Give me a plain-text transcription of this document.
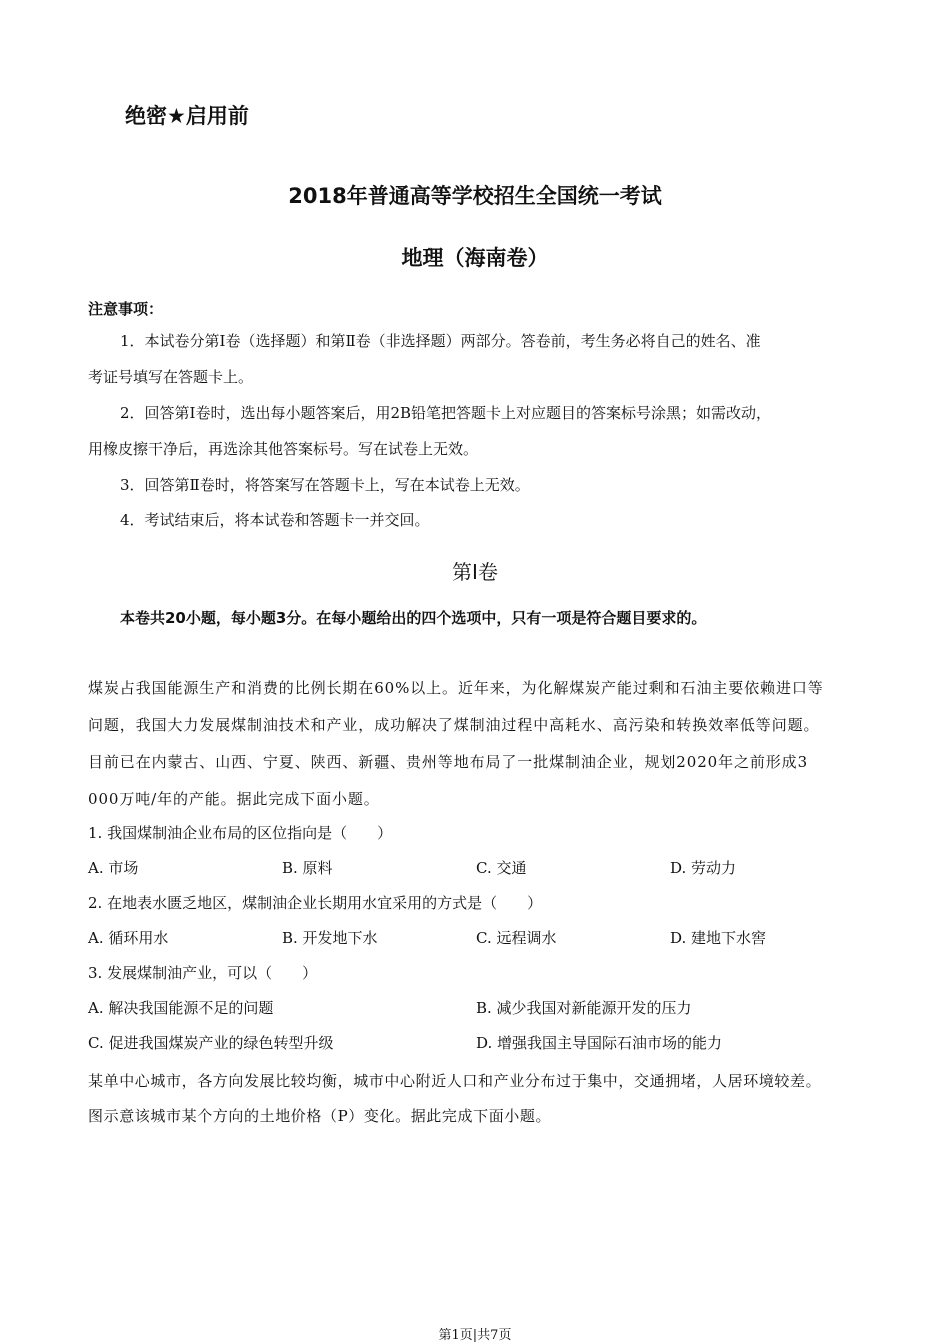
绝密★启用前
2018年普通高等学校招生全国统一考试
地理（海南卷）
注意事项：
1．本试卷分第Ⅰ卷（选择题）和第Ⅱ卷（非选择题）两部分。答卷前，考生务必将自己的姓名、准
考证号填写在答题卡上。
2．回答第Ⅰ卷时，选出每小题答案后，用2B铅笔把答题卡上对应题目的答案标号涂黑；如需改动，
用橡皮擦干净后，再选涂其他答案标号。写在试卷上无效。
3．回答第Ⅱ卷时，将答案写在答题卡上，写在本试卷上无效。
4．考试结束后，将本试卷和答题卡一并交回。
第Ⅰ卷
本卷共20小题，每小题3分。在每小题给出的四个选项中，只有一项是符合题目要求的。
煤炭占我国能源生产和消费的比例长期在60%以上。近年来，为化解煤炭产能过剩和石油主要依赖进口等
问题，我国大力发展煤制油技术和产业，成功解决了煤制油过程中高耗水、高污染和转换效率低等问题。
目前已在内蒙古、山西、宁夏、陕西、新疆、贵州等地布局了一批煤制油企业，规划2020年之前形成3
000万吨/年的产能。据此完成下面小题。
1. 我国煤制油企业布局的区位指向是（　　）
A. 市场	B. 原料	C. 交通	D. 劳动力
2. 在地表水匮乏地区，煤制油企业长期用水宜采用的方式是（　　）
A. 循环用水	B. 开发地下水	C. 远程调水	D. 建地下水窖
3. 发展煤制油产业，可以（　　）
A. 解决我国能源不足的问题	B. 减少我国对新能源开发的压力
C. 促进我国煤炭产业的绿色转型升级	D. 增强我国主导国际石油市场的能力
某单中心城市，各方向发展比较均衡，城市中心附近人口和产业分布过于集中，交通拥堵，人居环境较差。
图示意该城市某个方向的土地价格（P）变化。据此完成下面小题。
第1页|共7页
